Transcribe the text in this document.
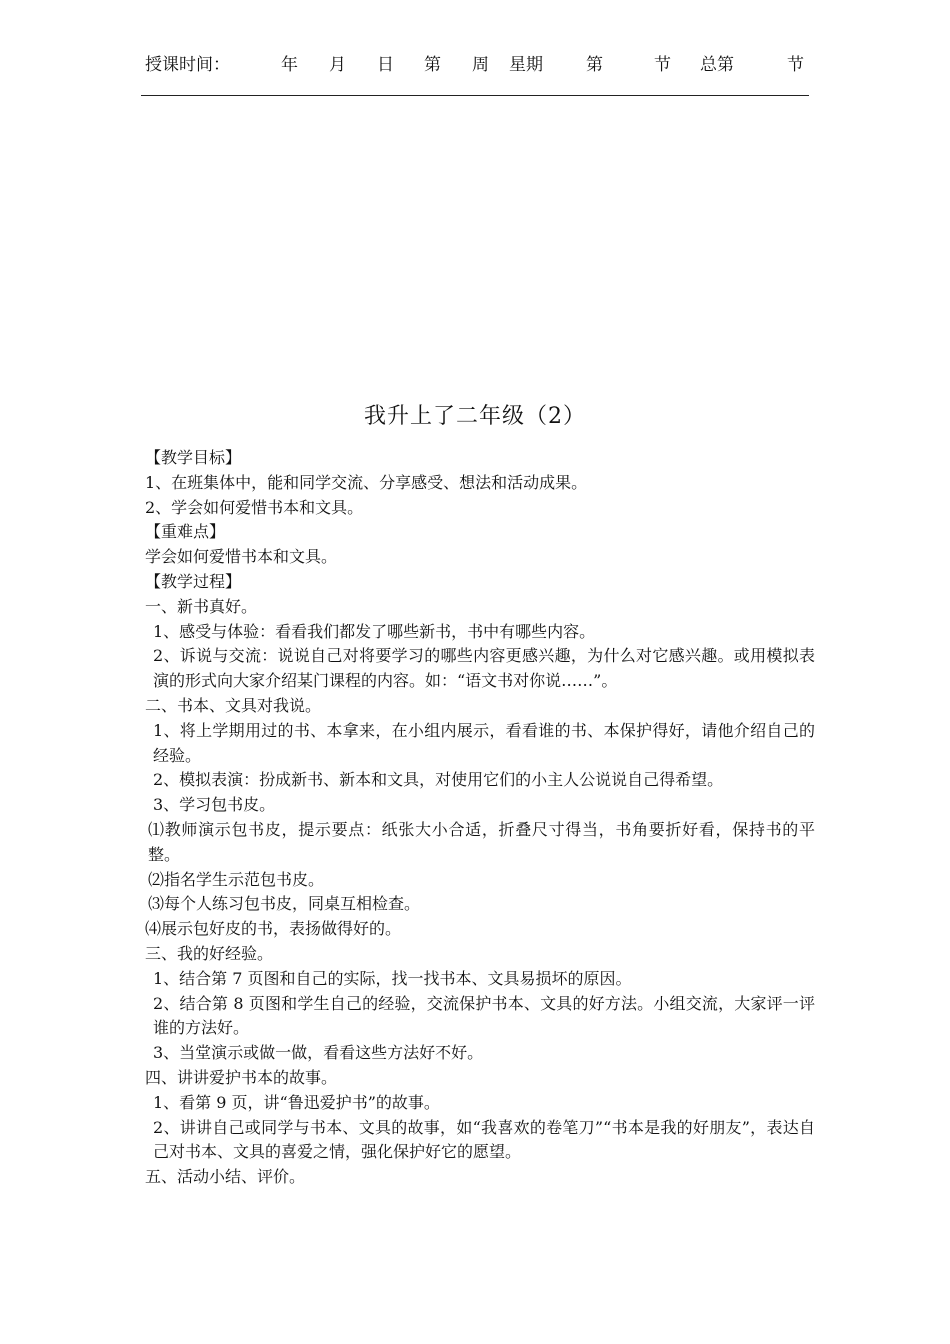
授课时间：	年 月 日 第 周 星期	第	节 总第	节
我升上了二年级（2）

【教学目标】

1、在班集体中，能和同学交流、分享感受、想法和活动成果。

2、学会如何爱惜书本和文具。

【重难点】

学会如何爱惜书本和文具。

【教学过程】

一、新书真好。

1、感受与体验：看看我们都发了哪些新书，书中有哪些内容。

2、诉说与交流：说说自己对将要学习的哪些内容更感兴趣，为什么对它感兴趣。或用模拟表演的形式向大家介绍某门课程的内容。如：“语文书对你说……”。

二、书本、文具对我说。

1、将上学期用过的书、本拿来，在小组内展示，看看谁的书、本保护得好，请他介绍自己的经验。

2、模拟表演：扮成新书、新本和文具，对使用它们的小主人公说说自己得希望。

3、学习包书皮。

⑴教师演示包书皮，提示要点：纸张大小合适，折叠尺寸得当，书角要折好看，保持书的平整。

⑵指名学生示范包书皮。

⑶每个人练习包书皮，同桌互相检查。

⑷展示包好皮的书，表扬做得好的。

三、我的好经验。

1、结合第 7 页图和自己的实际，找一找书本、文具易损坏的原因。

2、结合第 8 页图和学生自己的经验，交流保护书本、文具的好方法。小组交流，大家评一评谁的方法好。

3、当堂演示或做一做，看看这些方法好不好。

四、讲讲爱护书本的故事。

1、看第 9 页，讲“鲁迅爱护书”的故事。

2、讲讲自己或同学与书本、文具的故事，如“我喜欢的卷笔刀”“书本是我的好朋友”，表达自己对书本、文具的喜爱之情，强化保护好它的愿望。

五、活动小结、评价。
